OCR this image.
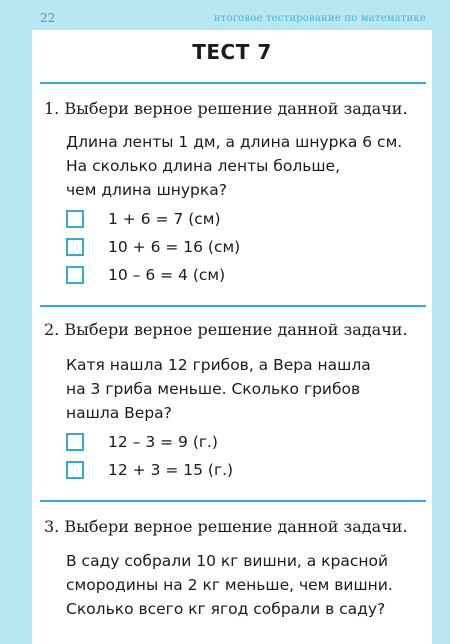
22	итоговое тестирование по математике
ТЕСТ 7
1. Выбери верное решение данной задачи.
Длина ленты 1 дм, а длина шнурка 6 см.
На сколько длина ленты больше,
чем длина шнурка?
1 + 6 = 7 (см)
10 + 6 = 16 (см)
10 – 6 = 4 (см)
2. Выбери верное решение данной задачи.
Катя нашла 12 грибов, а Вера нашла
на 3 гриба меньше. Сколько грибов
нашла Вера?
12 – 3 = 9 (г.)
12 + 3 = 15 (г.)
3. Выбери верное решение данной задачи.
В саду собрали 10 кг вишни, а красной
смородины на 2 кг меньше, чем вишни.
Сколько всего кг ягод собрали в саду?
